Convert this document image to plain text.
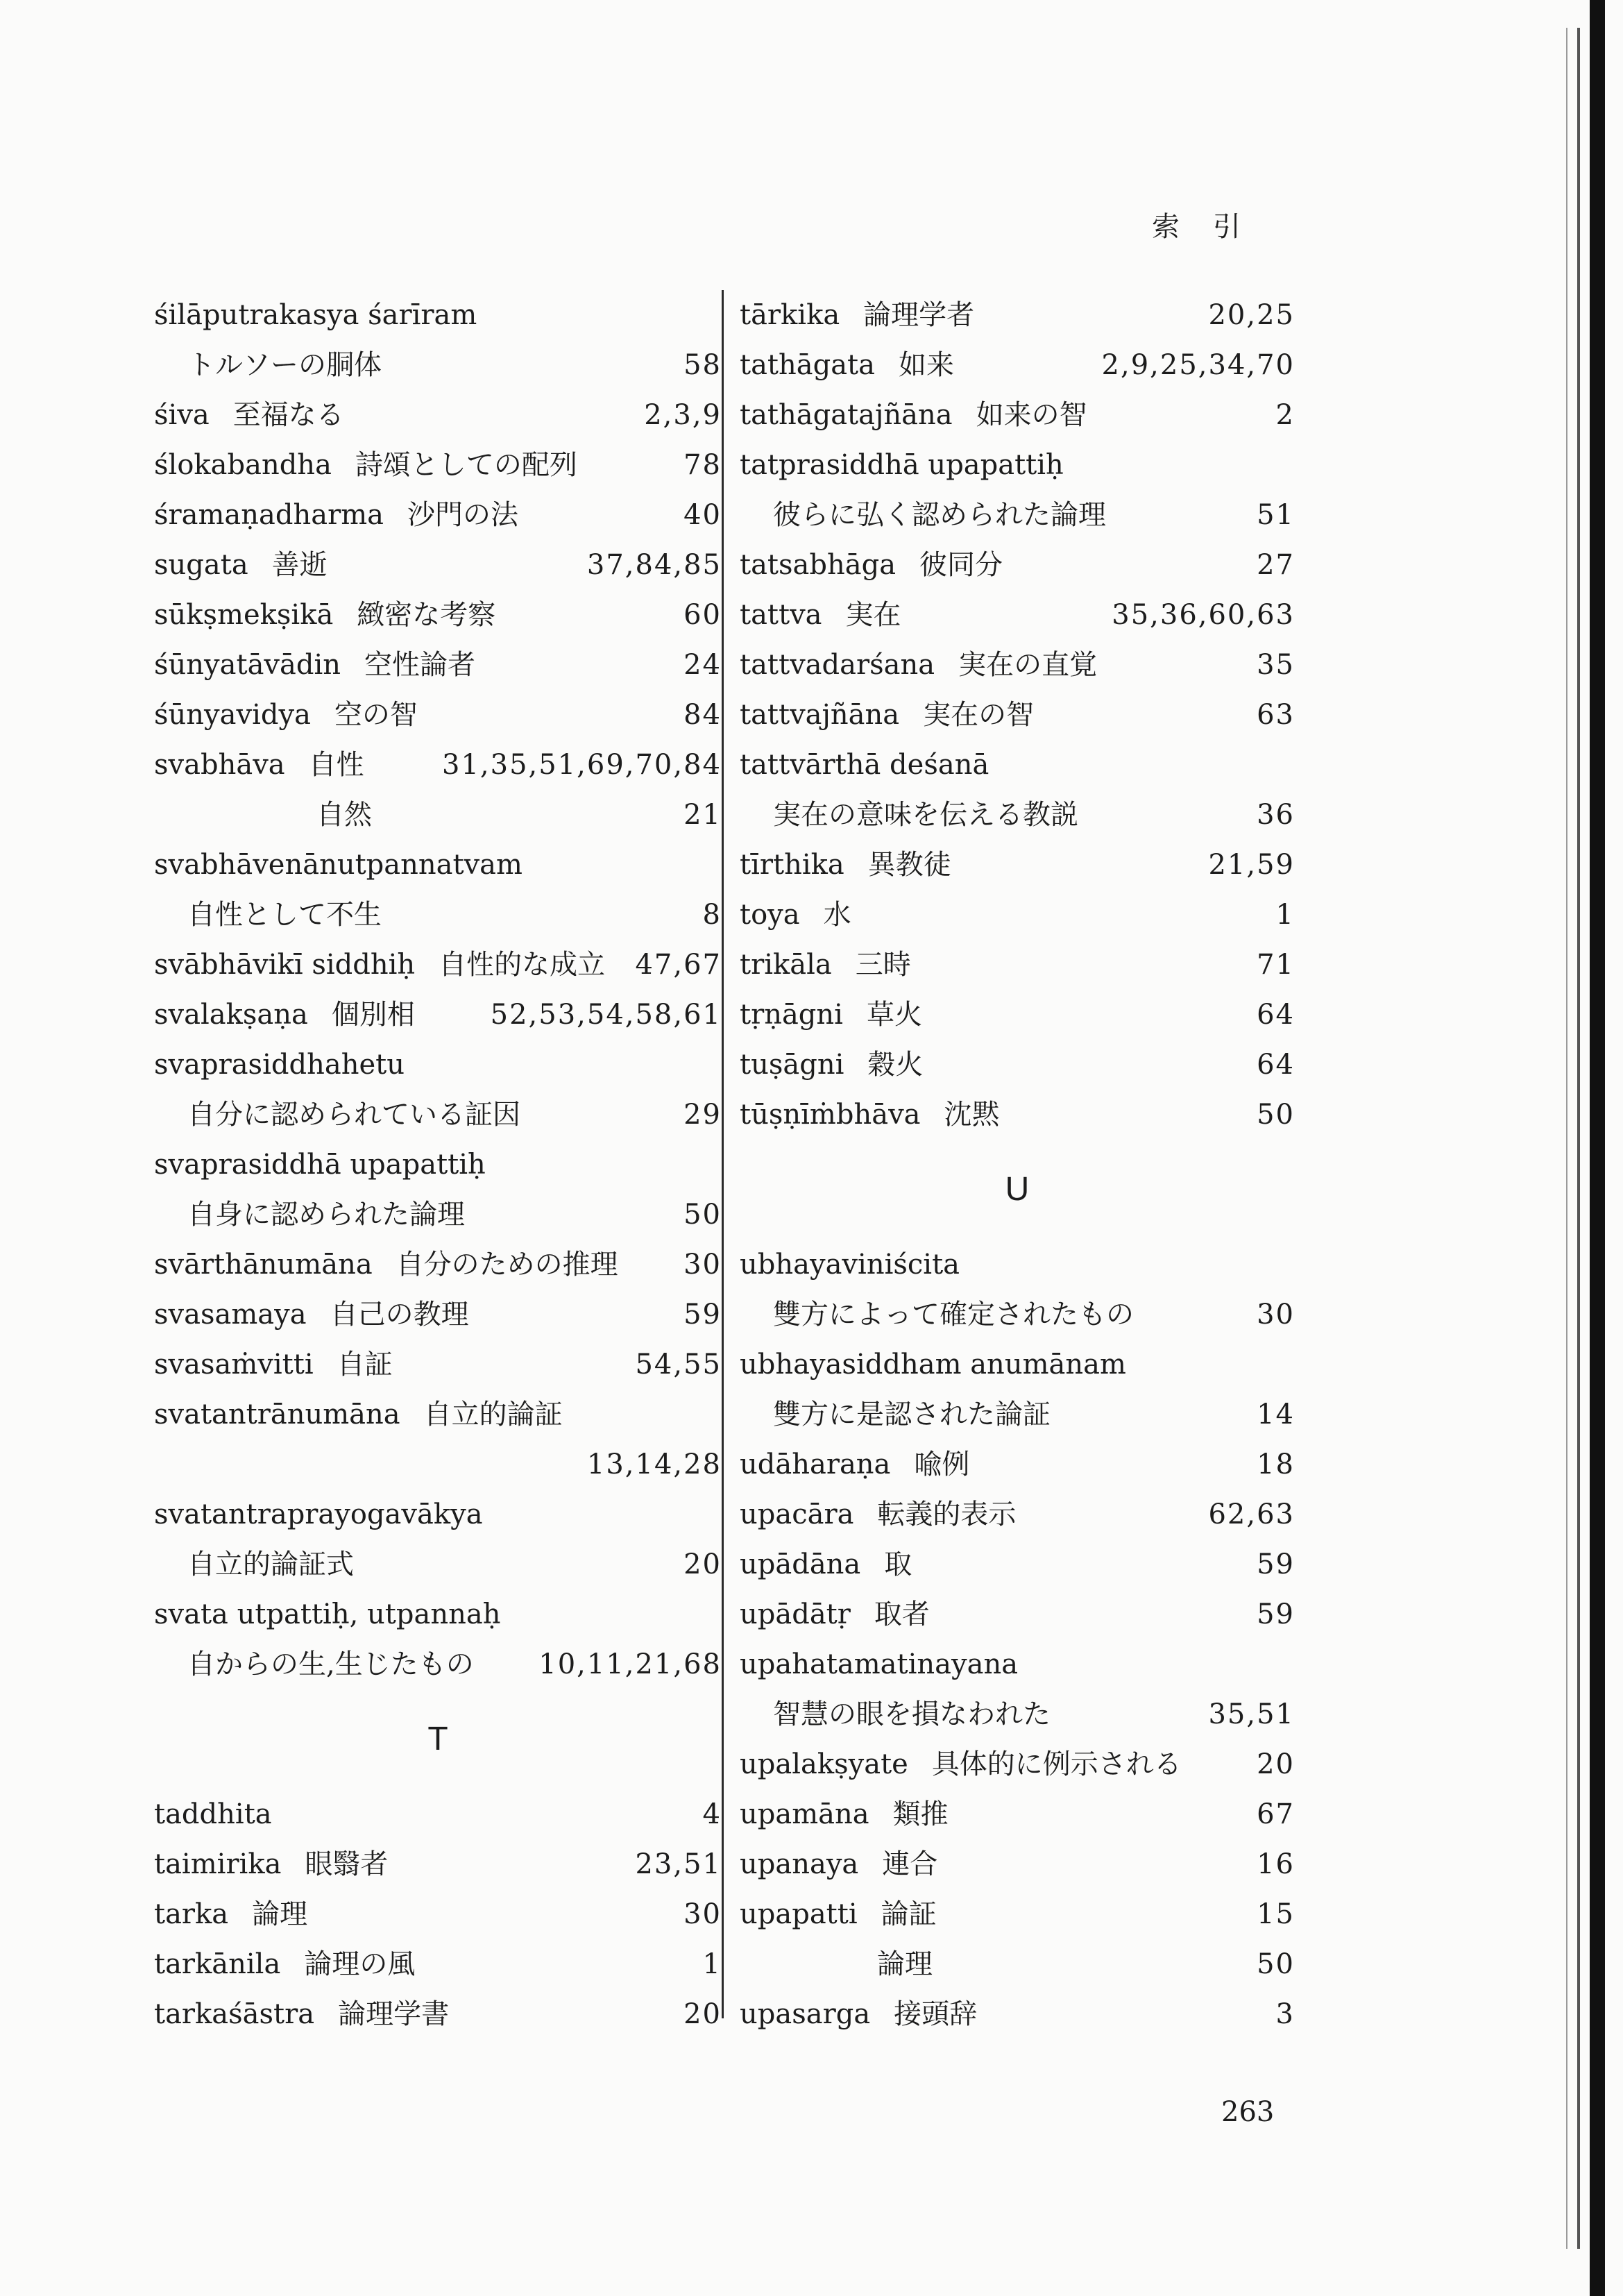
索引
śilāputrakasya śarīram
トルソーの胴体	58
śiva 至福なる	2,3,9
ślokabandha 詩頌としての配列	78
śramaṇadharma 沙門の法	40
sugata 善逝	37,84,85
sūkṣmekṣikā 緻密な考察	60
śūnyatāvādin 空性論者	24
śūnyavidya 空の智	84
svabhāva 自性	31,35,51,69,70,84
自然	21
svabhāvenānutpannatvam
自性として不生	8
svābhāvikī siddhiḥ 自性的な成立 47,67
svalakṣaṇa 個別相	52,53,54,58,61
svaprasiddhahetu
自分に認められている証因	29
svaprasiddhā upapattiḥ
自身に認められた論理	50
svārthānumāna 自分のための推理 30
svasamaya 自己の教理	59
svasaṁvitti 自証	54,55
svatantrānumāna 自立的論証
13,14,28
svatantraprayogavākya
自立的論証式	20
svata utpattiḥ, utpannaḥ
自からの生,生じたもの 10,11,21,68
T
taddhita	4
taimirika 眼翳者	23,51
tarka 論理	30
tarkānila 論理の風	1
tarkaśāstra 論理学書	20
tārkika 論理学者	20,25
tathāgata 如来	2,9,25,34,70
tathāgatajñāna 如来の智	2
tatprasiddhā upapattiḥ
彼らに弘く認められた論理	51
tatsabhāga 彼同分	27
tattva 実在	35,36,60,63
tattvadarśana 実在の直覚	35
tattvajñāna 実在の智	63
tattvārthā deśanā
実在の意味を伝える教説	36
tīrthika 異教徒	21,59
toya 水	1
trikāla 三時	71
tṛṇāgni 草火	64
tuṣāgni 穀火	64
tūṣṇīṁbhāva 沈黙	50
U
ubhayaviniścita
雙方によって確定されたもの	30
ubhayasiddham anumānam
雙方に是認された論証	14
udāharaṇa 喩例	18
upacāra 転義的表示	62,63
upādāna 取	59
upādātṛ 取者	59
upahatamatinayana
智慧の眼を損なわれた	35,51
upalakṣyate 具体的に例示される	20
upamāna 類推	67
upanaya 連合	16
upapatti 論証	15
論理	50
upasarga 接頭辞	3
263
